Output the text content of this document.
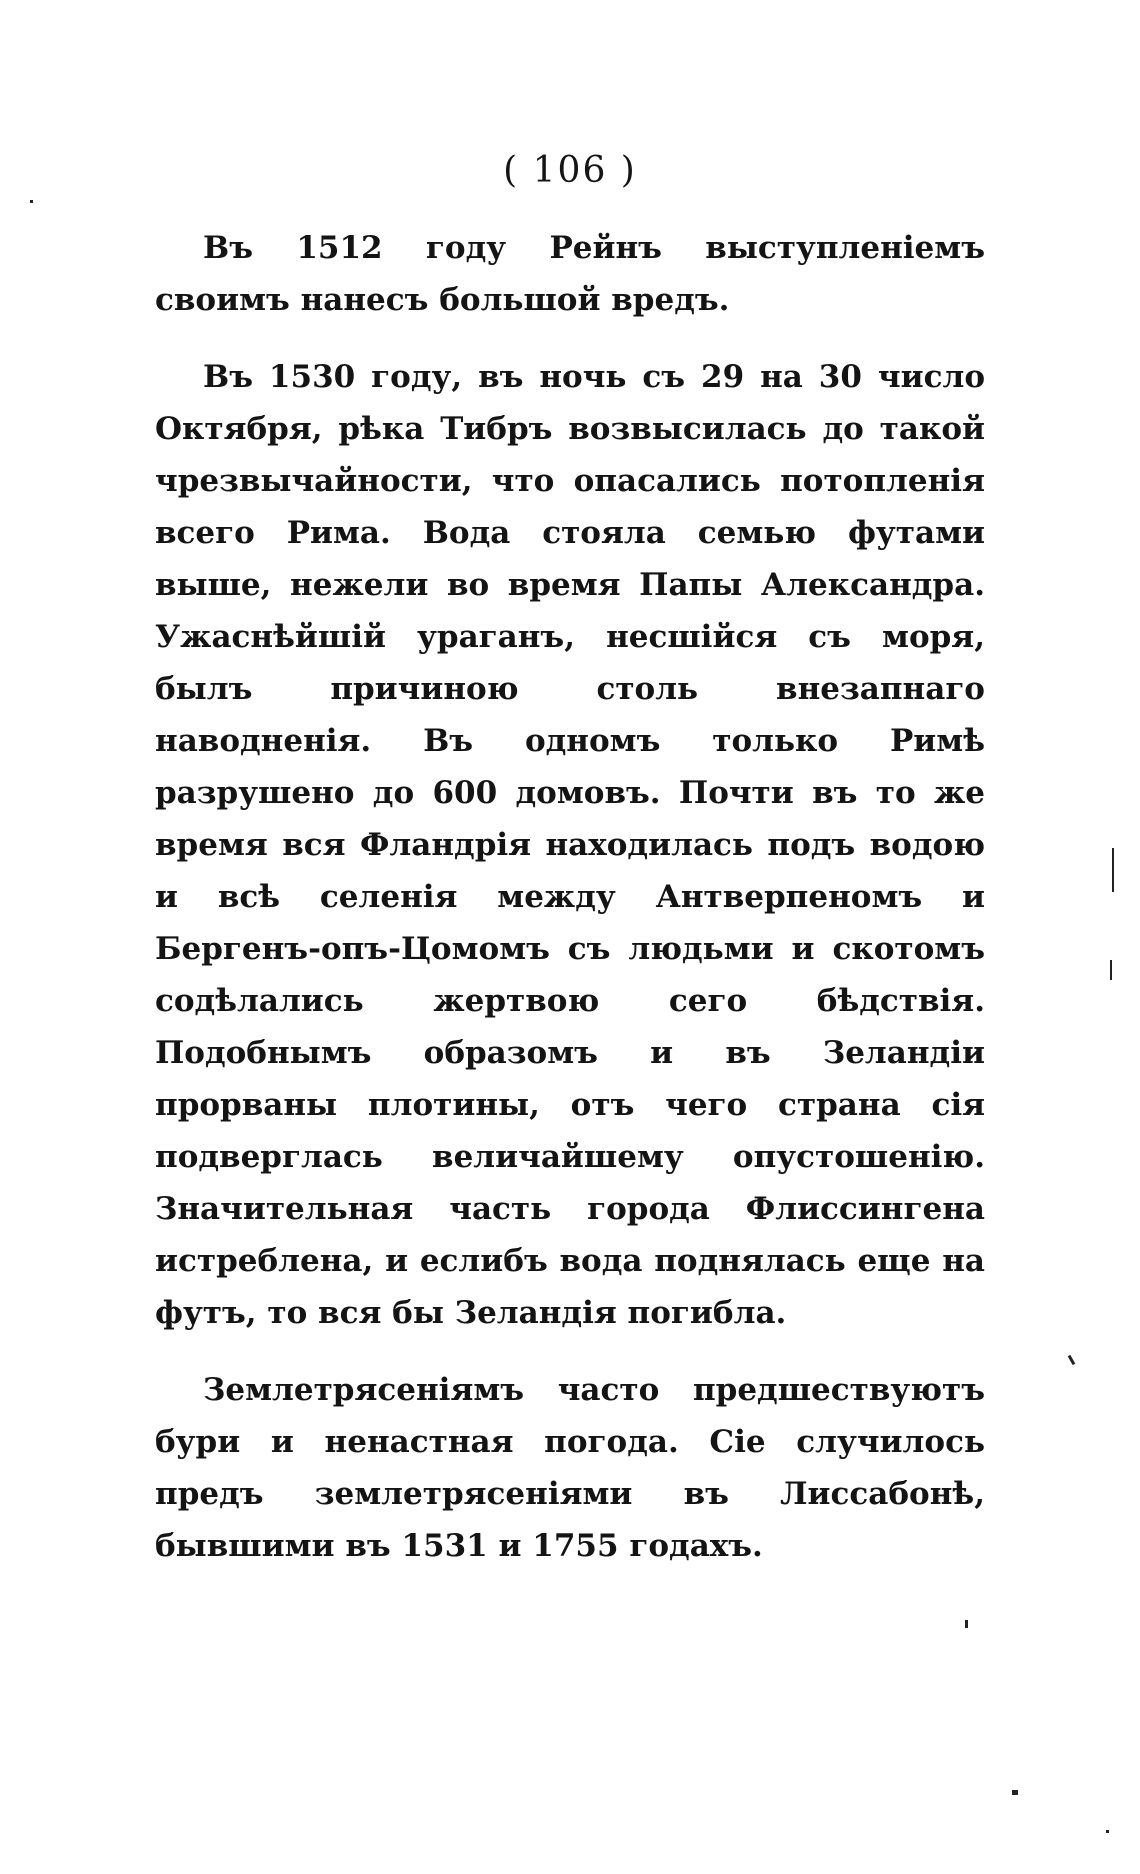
( 106 )

Въ 1512 году Рейнъ выступленіемъ своимъ нанесъ большой вредъ.

Въ 1530 году, въ ночь съ 29 на 30 число Октября, рѣка Тибръ возвысилась до такой чрезвычайности, что опасались потопленія всего Рима. Вода стояла семью футами выше, нежели во время Папы Александра. Ужаснѣйшій ураганъ, несшійся съ моря, былъ причиною столь внезапнаго наводненія. Въ одномъ только Римѣ разрушено до 600 домовъ. Почти въ то же время вся Фландрія находилась подъ водою и всѣ селенія между Антверпеномъ и Бергенъ-опъ-Цомомъ съ людьми и скотомъ содѣлались жертвою сего бѣдствія. Подобнымъ образомъ и въ Зеландіи прорваны плотины, отъ чего страна сія подверглась величайшему опустошенію. Значительная часть города Флиссингена истреблена, и еслибъ вода поднялась еще на футъ, то вся бы Зеландія погибла.

Землетрясеніямъ часто предшествуютъ бури и ненастная погода. Сіе случилось предъ землетрясеніями въ Лиссабонѣ, бывшими въ 1531 и 1755 годахъ.
